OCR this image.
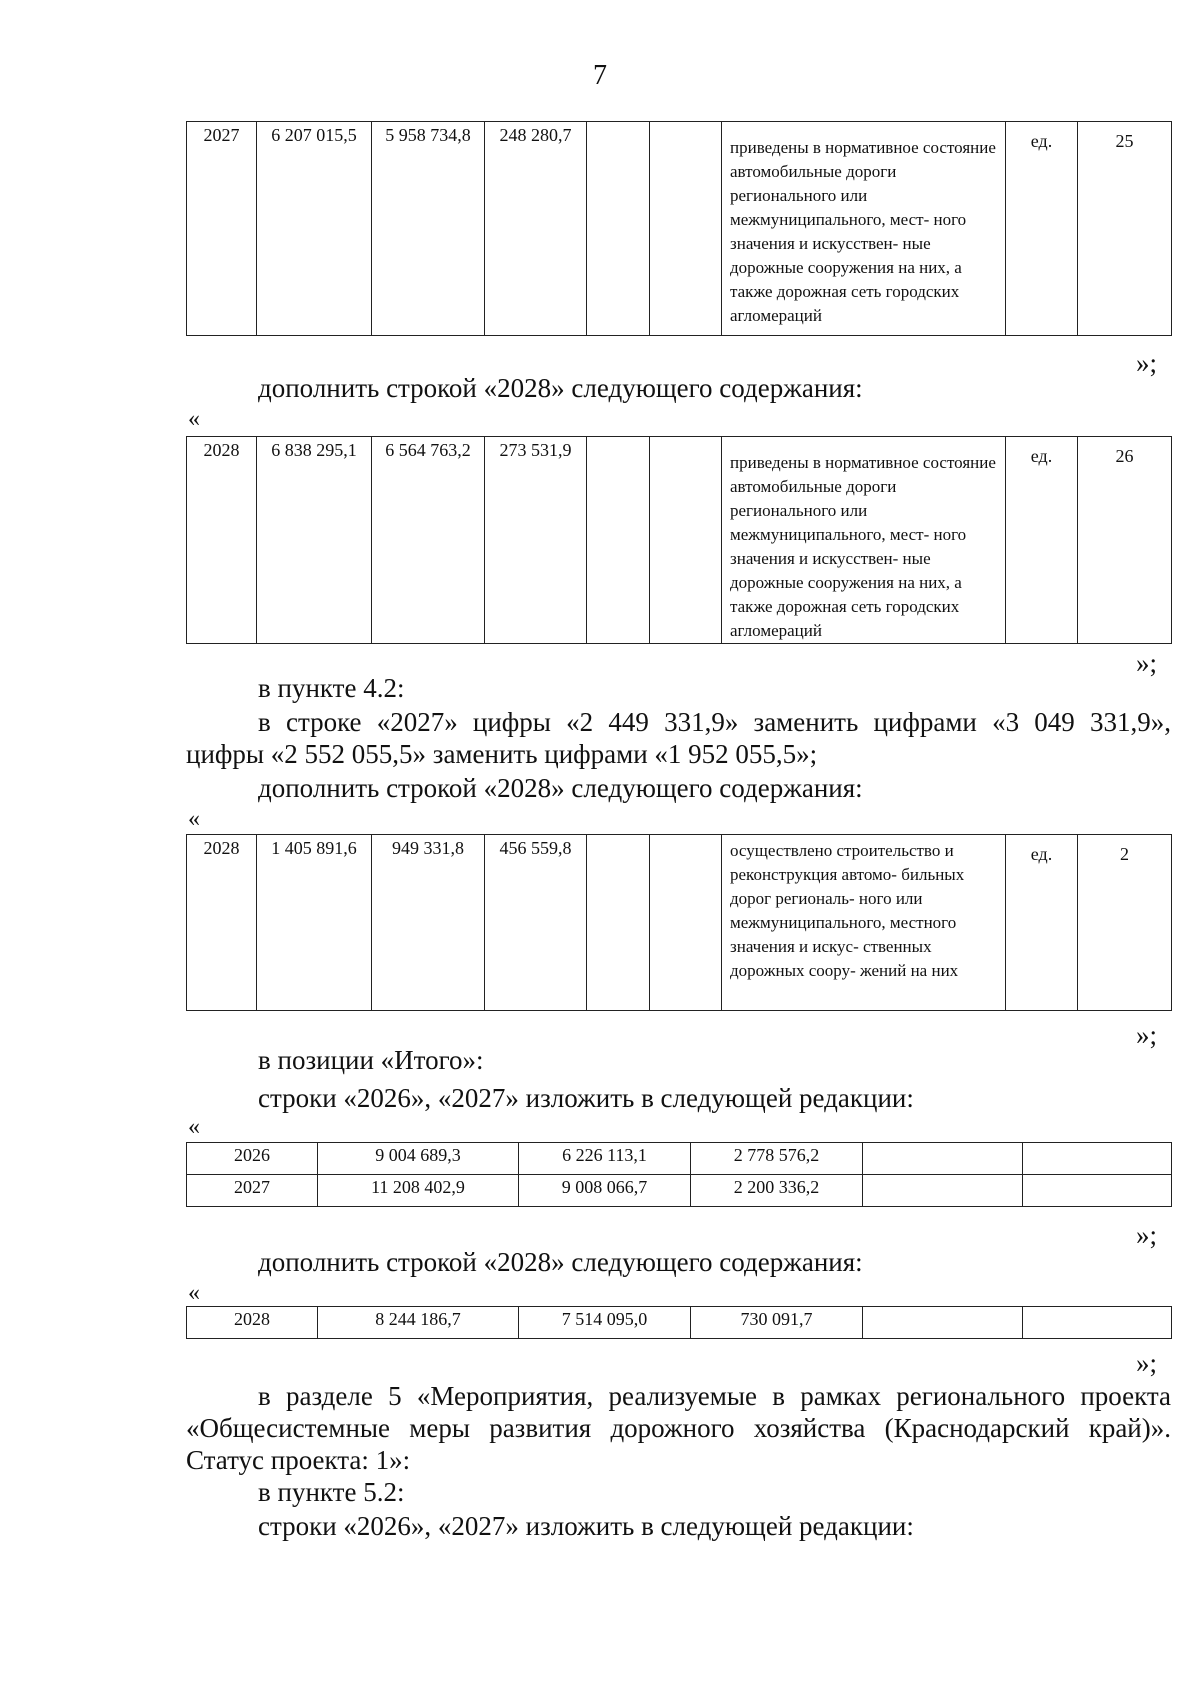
7
2027	6 207 015,5	5 958 734,8	248 280,7			приведены в нормативное состояние автомобильные дороги регионального или межмуниципального, мест- ного значения и искусствен- ные дорожные сооружения на них, а также дорожная сеть городских агломераций	ед.	25
»;
дополнить строкой «2028» следующего содержания:
«
2028	6 838 295,1	6 564 763,2	273 531,9			приведены в нормативное состояние автомобильные дороги регионального или межмуниципального, мест- ного значения и искусствен- ные дорожные сооружения на них, а также дорожная сеть городских агломераций	ед.	26
»;
в пункте 4.2:
в строке «2027» цифры «2 449 331,9» заменить цифрами «3 049 331,9»,
цифры «2 552 055,5» заменить цифрами «1 952 055,5»;
дополнить строкой «2028» следующего содержания:
«
2028	1 405 891,6	949 331,8	456 559,8			осуществлено строительство и реконструкция автомо- бильных дорог региональ- ного или межмуниципального, местного значения и искус- ственных дорожных соору- жений на них	ед.	2
»;
в позиции «Итого»:
строки «2026», «2027» изложить в следующей редакции:
«
2026	9 004 689,3	6 226 113,1	2 778 576,2		
2027	11 208 402,9	9 008 066,7	2 200 336,2		
»;
дополнить строкой «2028» следующего содержания:
«
2028	8 244 186,7	7 514 095,0	730 091,7		
»;
в разделе 5 «Мероприятия, реализуемые в рамках регионального проекта
«Общесистемные меры развития дорожного хозяйства (Краснодарский край)».
Статус проекта: 1»:
в пункте 5.2:
строки «2026», «2027» изложить в следующей редакции:
